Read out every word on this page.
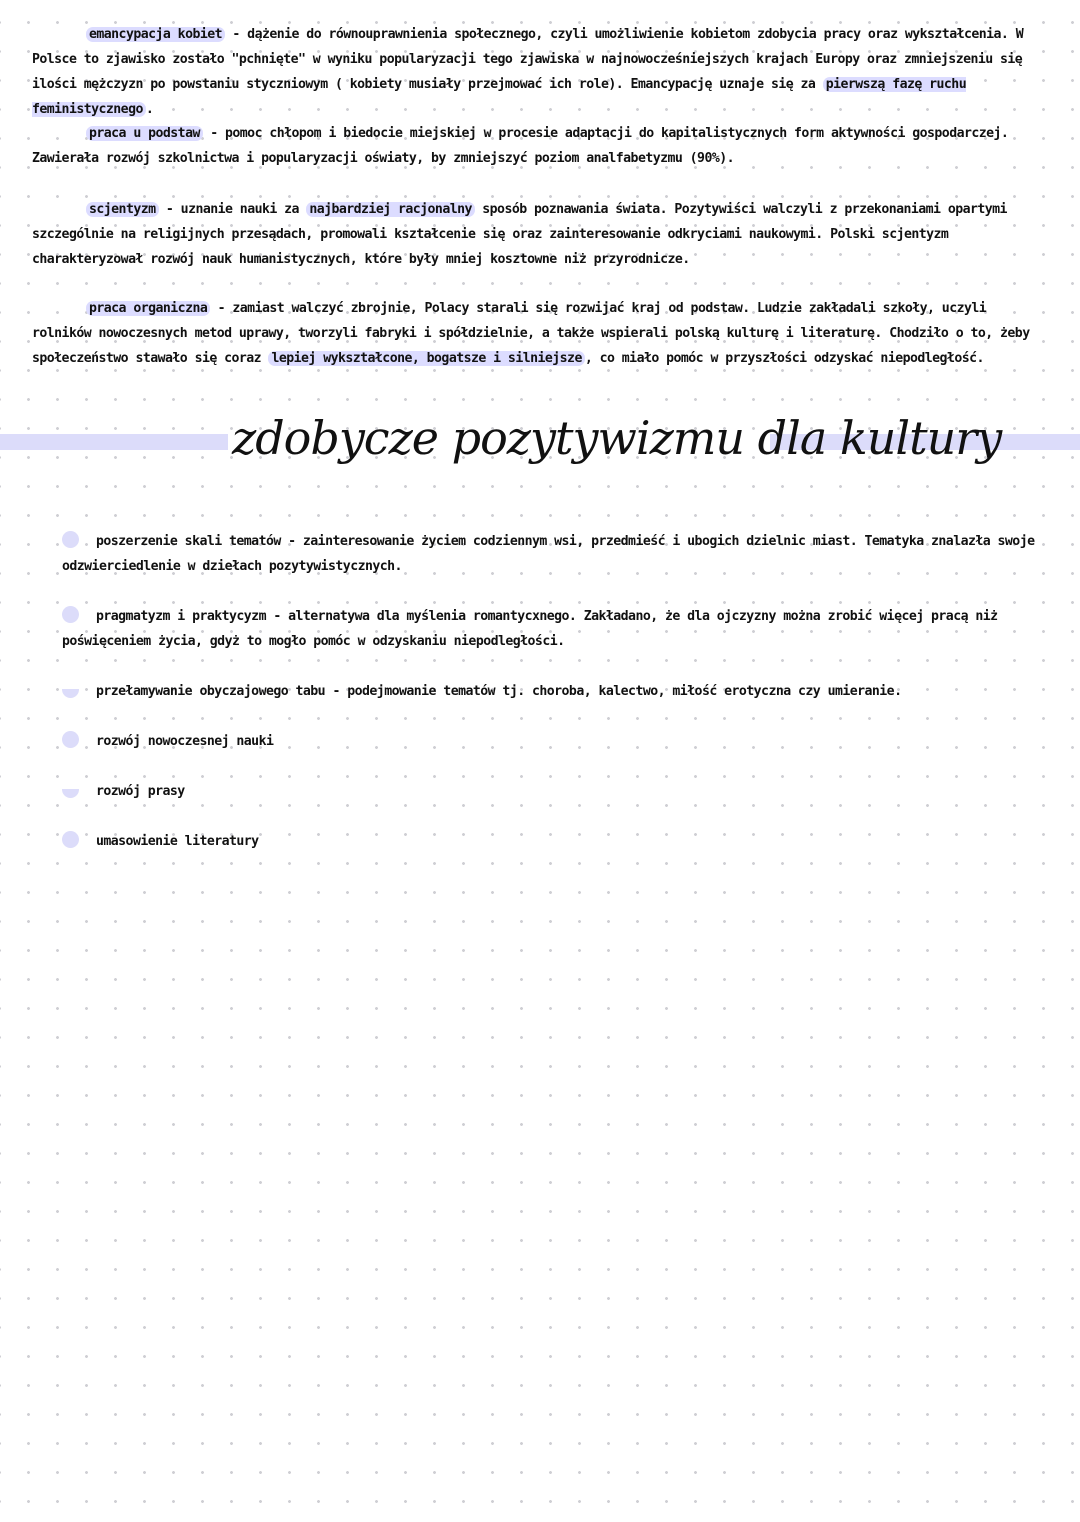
emancypacja kobiet - dążenie do równouprawnienia społecznego, czyli umożliwienie kobietom zdobycia pracy oraz wykształcenia. W Polsce to zjawisko zostało "pchnięte" w wyniku popularyzacji tego zjawiska w najnowocześniejszych krajach Europy oraz zmniejszeniu się ilości mężczyzn po powstaniu styczniowym ( kobiety musiały przejmować ich role). Emancypację uznaje się za pierwszą fazę ruchu feministycznego .

praca u podstaw - pomoc chłopom i biedocie miejskiej w procesie adaptacji do kapitalistycznych form aktywności gospodarczej. Zawierała rozwój szkolnictwa i popularyzacji oświaty, by zmniejszyć poziom analfabetyzmu (90%).

scjentyzm - uznanie nauki za najbardziej racjonalny sposób poznawania świata. Pozytywiści walczyli z przekonaniami opartymi szczególnie na religijnych przesądach, promowali kształcenie się oraz zainteresowanie odkryciami naukowymi. Polski scjentyzm charakteryzował rozwój nauk humanistycznych, które były mniej kosztowne niż przyrodnicze.

praca organiczna - zamiast walczyć zbrojnie, Polacy starali się rozwijać kraj od podstaw. Ludzie zakładali szkoły, uczyli rolników nowoczesnych metod uprawy, tworzyli fabryki i spółdzielnie, a także wspierali polską kulturę i literaturę. Chodziło o to, żeby społeczeństwo stawało się coraz lepiej wykształcone, bogatsze i silniejsze , co miało pomóc w przyszłości odzyskać niepodległość.

zdobycze pozytywizmu dla kultury

poszerzenie skali tematów - zainteresowanie życiem codziennym wsi, przedmieść i ubogich dzielnic miast. Tematyka znalazła swoje odzwierciedlenie w dziełach pozytywistycznych.

pragmatyzm i praktycyzm - alternatywa dla myślenia romantycxnego. Zakładano, że dla ojczyzny można zrobić więcej pracą niż poświęceniem życia, gdyż to mogło pomóc w odzyskaniu niepodległości.

przełamywanie obyczajowego tabu - podejmowanie tematów tj. choroba, kalectwo, miłość erotyczna czy umieranie.

rozwój nowoczesnej nauki

rozwój prasy

umasowienie literatury
